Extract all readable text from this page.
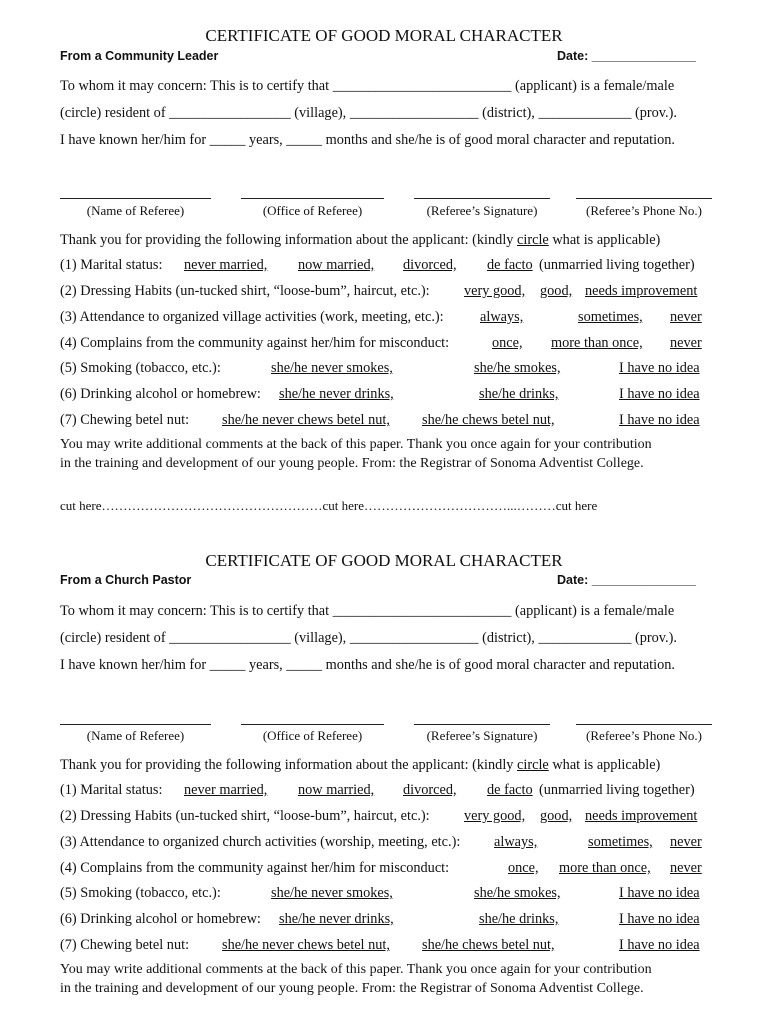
CERTIFICATE OF GOOD MORAL CHARACTER
From a Community Leader	Date: _______________
To whom it may concern: This is to certify that _________________________ (applicant) is a female/male
(circle) resident of _________________ (village), __________________ (district), _____________ (prov.).
I have known her/him for _____ years, _____ months and she/he is of good moral character and reputation.
(Name of Referee)	(Office of Referee)	(Referee’s Signature)	(Referee’s Phone No.)
Thank you for providing the following information about the applicant: (kindly circle what is applicable)
(1) Marital status: never married, now married, divorced, de facto (unmarried living together)
(2) Dressing Habits (un-tucked shirt, “loose-bum”, haircut, etc.): very good, good, needs improvement
(3) Attendance to organized village activities (work, meeting, etc.):	always,	sometimes, never
(4) Complains from the community against her/him for misconduct:	once, more than once, never
(5) Smoking (tobacco, etc.):	she/he never smokes,	she/he smokes,	I have no idea
(6) Drinking alcohol or homebrew: she/he never drinks,	she/he drinks,	I have no idea
(7) Chewing betel nut: she/he never chews betel nut, she/he chews betel nut,	I have no idea
You may write additional comments at the back of this paper. Thank you once again for your contribution
in the training and development of our young people. From: the Registrar of Sonoma Adventist College.
cut here……………………………………………cut here……………………………...………cut here
CERTIFICATE OF GOOD MORAL CHARACTER
From a Church Pastor	Date: _______________
To whom it may concern: This is to certify that _________________________ (applicant) is a female/male
(circle) resident of _________________ (village), __________________ (district), _____________ (prov.).
I have known her/him for _____ years, _____ months and she/he is of good moral character and reputation.
(Name of Referee)	(Office of Referee)	(Referee’s Signature)	(Referee’s Phone No.)
Thank you for providing the following information about the applicant: (kindly circle what is applicable)
(1) Marital status: never married, now married, divorced, de facto (unmarried living together)
(2) Dressing Habits (un-tucked shirt, “loose-bum”, haircut, etc.): very good, good, needs improvement
(3) Attendance to organized church activities (worship, meeting, etc.): always,	sometimes, never
(4) Complains from the community against her/him for misconduct:	once, more than once, never
(5) Smoking (tobacco, etc.):	she/he never smokes,	she/he smokes,	I have no idea
(6) Drinking alcohol or homebrew: she/he never drinks,	she/he drinks,	I have no idea
(7) Chewing betel nut: she/he never chews betel nut, she/he chews betel nut,	I have no idea
You may write additional comments at the back of this paper. Thank you once again for your contribution
in the training and development of our young people. From: the Registrar of Sonoma Adventist College.
